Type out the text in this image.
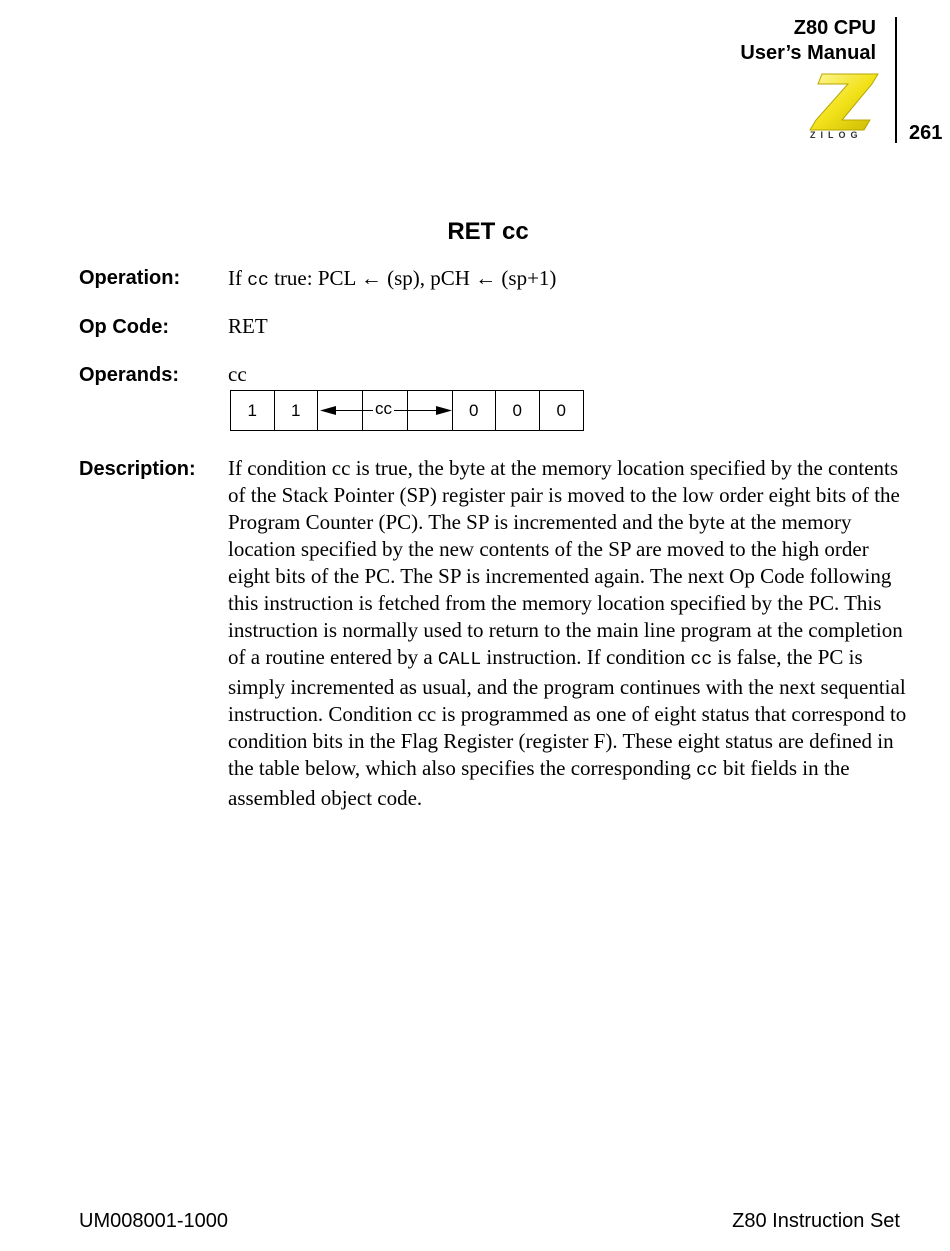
Z80 CPU
User’s Manual
ZILOG	261
RET cc
Operation: If cc true: PCL ← (sp), pCH ← (sp+1)
Op Code:	RET
Operands: cc
1	1	cc	0	0	0
Description: If condition cc is true, the byte at the memory location specified by the contents of the Stack Pointer (SP) register pair is moved to the low order eight bits of the Program Counter (PC). The SP is incremented and the byte at the memory location specified by the new contents of the SP are moved to the high order eight bits of the PC. The SP is incremented again. The next Op Code following this instruction is fetched from the memory location specified by the PC. This instruction is normally used to return to the main line program at the completion of a routine entered by a CALL instruction. If condition cc is false, the PC is simply incremented as usual, and the program continues with the next sequential instruction. Condition cc is programmed as one of eight status that correspond to condition bits in the Flag Register (register F). These eight status are defined in the table below, which also specifies the corresponding cc bit fields in the assembled object code.

UM008001-1000	Z80 Instruction Set
